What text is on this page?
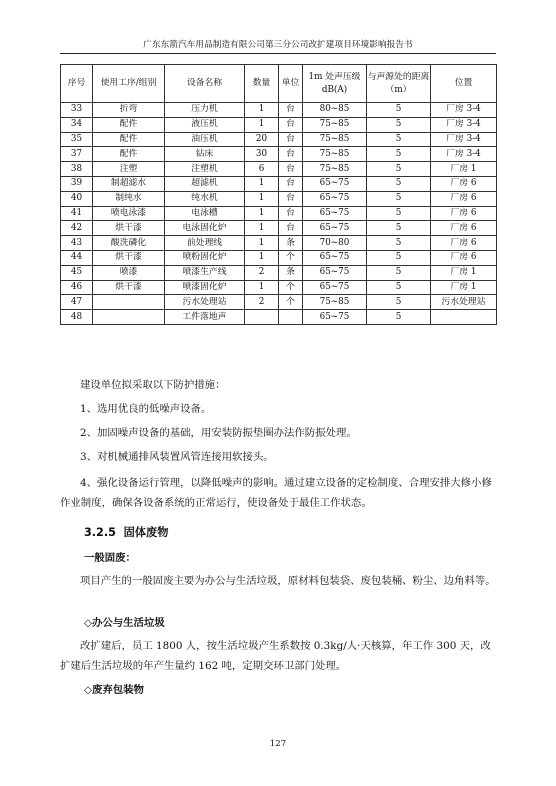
广东东箭汽车用品制造有限公司第三分公司改扩建项目环境影响报告书
序号	使用工序/组别	设备名称	数量	单位	1m 处声压级 dB(A)	与声源处的距离（m）	位置
33	折弯	压力机	1	台	80~85	5	厂房 3-4
34	配件	液压机	1	台	75~85	5	厂房 3-4
35	配件	油压机	20	台	75~85	5	厂房 3-4
37	配件	钻床	30	台	75~85	5	厂房 3-4
38	注塑	注塑机	6	台	75~85	5	厂房 1
39	制超滤水	超滤机	1	台	65~75	5	厂房 6
40	制纯水	纯水机	1	台	65~75	5	厂房 6
41	喷电泳漆	电泳槽	1	台	65~75	5	厂房 6
42	烘干漆	电泳固化炉	1	台	65~75	5	厂房 6
43	酸洗磷化	前处理线	1	条	70~80	5	厂房 6
44	烘干漆	喷粉固化炉	1	个	65~75	5	厂房 6
45	喷漆	喷漆生产线	2	条	65~75	5	厂房 1
46	烘干漆	喷漆固化炉	1	个	65~75	5	厂房 1
47		污水处理站	2	个	75~85	5	污水处理站
48		工件落地声			65~75	5	

建设单位拟采取以下防护措施：

1、选用优良的低噪声设备。

2、加固噪声设备的基础，用安装防振垫圈办法作防振处理。

3、对机械通排风装置风管连接用软接头。

4、强化设备运行管理，以降低噪声的影响。通过建立设备的定检制度、合理安排大修小修作业制度，确保各设备系统的正常运行，使设备处于最佳工作状态。

3.2.5 固体废物
一般固废：

项目产生的一般固废主要为办公与生活垃圾，原材料包装袋、废包装桶、粉尘、边角料等。

◇办公与生活垃圾

改扩建后，员工 1800 人，按生活垃圾产生系数按 0.3kg/人·天核算，年工作 300 天，改扩建后生活垃圾的年产生量约 162 吨，定期交环卫部门处理。

◇废弃包装物
127
